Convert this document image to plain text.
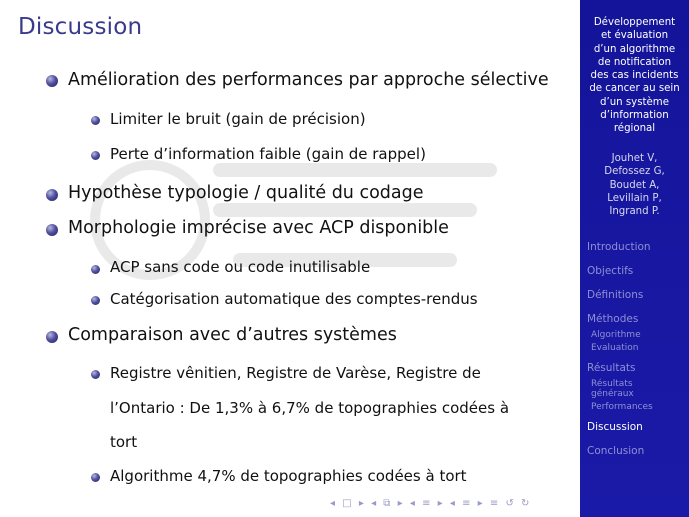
Discussion
Amélioration des performances par approche sélective
Limiter le bruit (gain de précision)
Perte d’information faible (gain de rappel)
Hypothèse typologie / qualité du codage
Morphologie imprécise avec ACP disponible
ACP sans code ou code inutilisable
Catégorisation automatique des comptes-rendus
Comparaison avec d’autres systèmes
Registre vênitien, Registre de Varèse, Registre de
l’Ontario : De 1,3% à 6,7% de topographies codées à
tort
Algorithme 4,7% de topographies codées à tort
◂ □ ▸ ◂ ⧉ ▸ ◂ ≡ ▸ ◂ ≡ ▸ ≡ ↺ ↻
Développement
et évaluation
d’un algorithme
de notification
des cas incidents
de cancer au sein
d’un système
d’information
régional
Jouhet V,
Defossez G,
Boudet A,
Levillain P,
Ingrand P.
Introduction
Objectifs
Définitions
Méthodes
Algorithme
Evaluation
Résultats
Résultats
généraux
Performances
Discussion
Conclusion
